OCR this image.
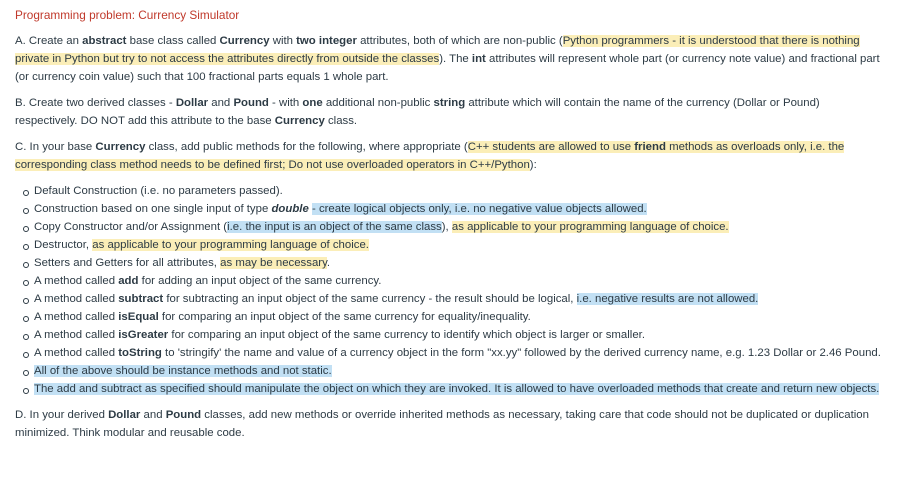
Programming problem: Currency Simulator

A. Create an abstract base class called Currency with two integer attributes, both of which are non-public (Python programmers - it is understood that there is nothing private in Python but try to not access the attributes directly from outside the classes). The int attributes will represent whole part (or currency note value) and fractional part (or currency coin value) such that 100 fractional parts equals 1 whole part.

B. Create two derived classes - Dollar and Pound - with one additional non-public string attribute which will contain the name of the currency (Dollar or Pound) respectively. DO NOT add this attribute to the base Currency class.

C. In your base Currency class, add public methods for the following, where appropriate (C++ students are allowed to use friend methods as overloads only, i.e. the corresponding class method needs to be defined first; Do not use overloaded operators in C++/Python):

Default Construction (i.e. no parameters passed).
Construction based on one single input of type double - create logical objects only, i.e. no negative value objects allowed.
Copy Constructor and/or Assignment (i.e. the input is an object of the same class), as applicable to your programming language of choice.
Destructor, as applicable to your programming language of choice.
Setters and Getters for all attributes, as may be necessary.
A method called add for adding an input object of the same currency.
A method called subtract for subtracting an input object of the same currency - the result should be logical, i.e. negative results are not allowed.
A method called isEqual for comparing an input object of the same currency for equality/inequality.
A method called isGreater for comparing an input object of the same currency to identify which object is larger or smaller.
A method called toString to 'stringify' the name and value of a currency object in the form "xx.yy" followed by the derived currency name, e.g. 1.23 Dollar or 2.46 Pound.
All of the above should be instance methods and not static.
The add and subtract as specified should manipulate the object on which they are invoked. It is allowed to have overloaded methods that create and return new objects.

D. In your derived Dollar and Pound classes, add new methods or override inherited methods as necessary, taking care that code should not be duplicated or duplication minimized. Think modular and reusable code.
